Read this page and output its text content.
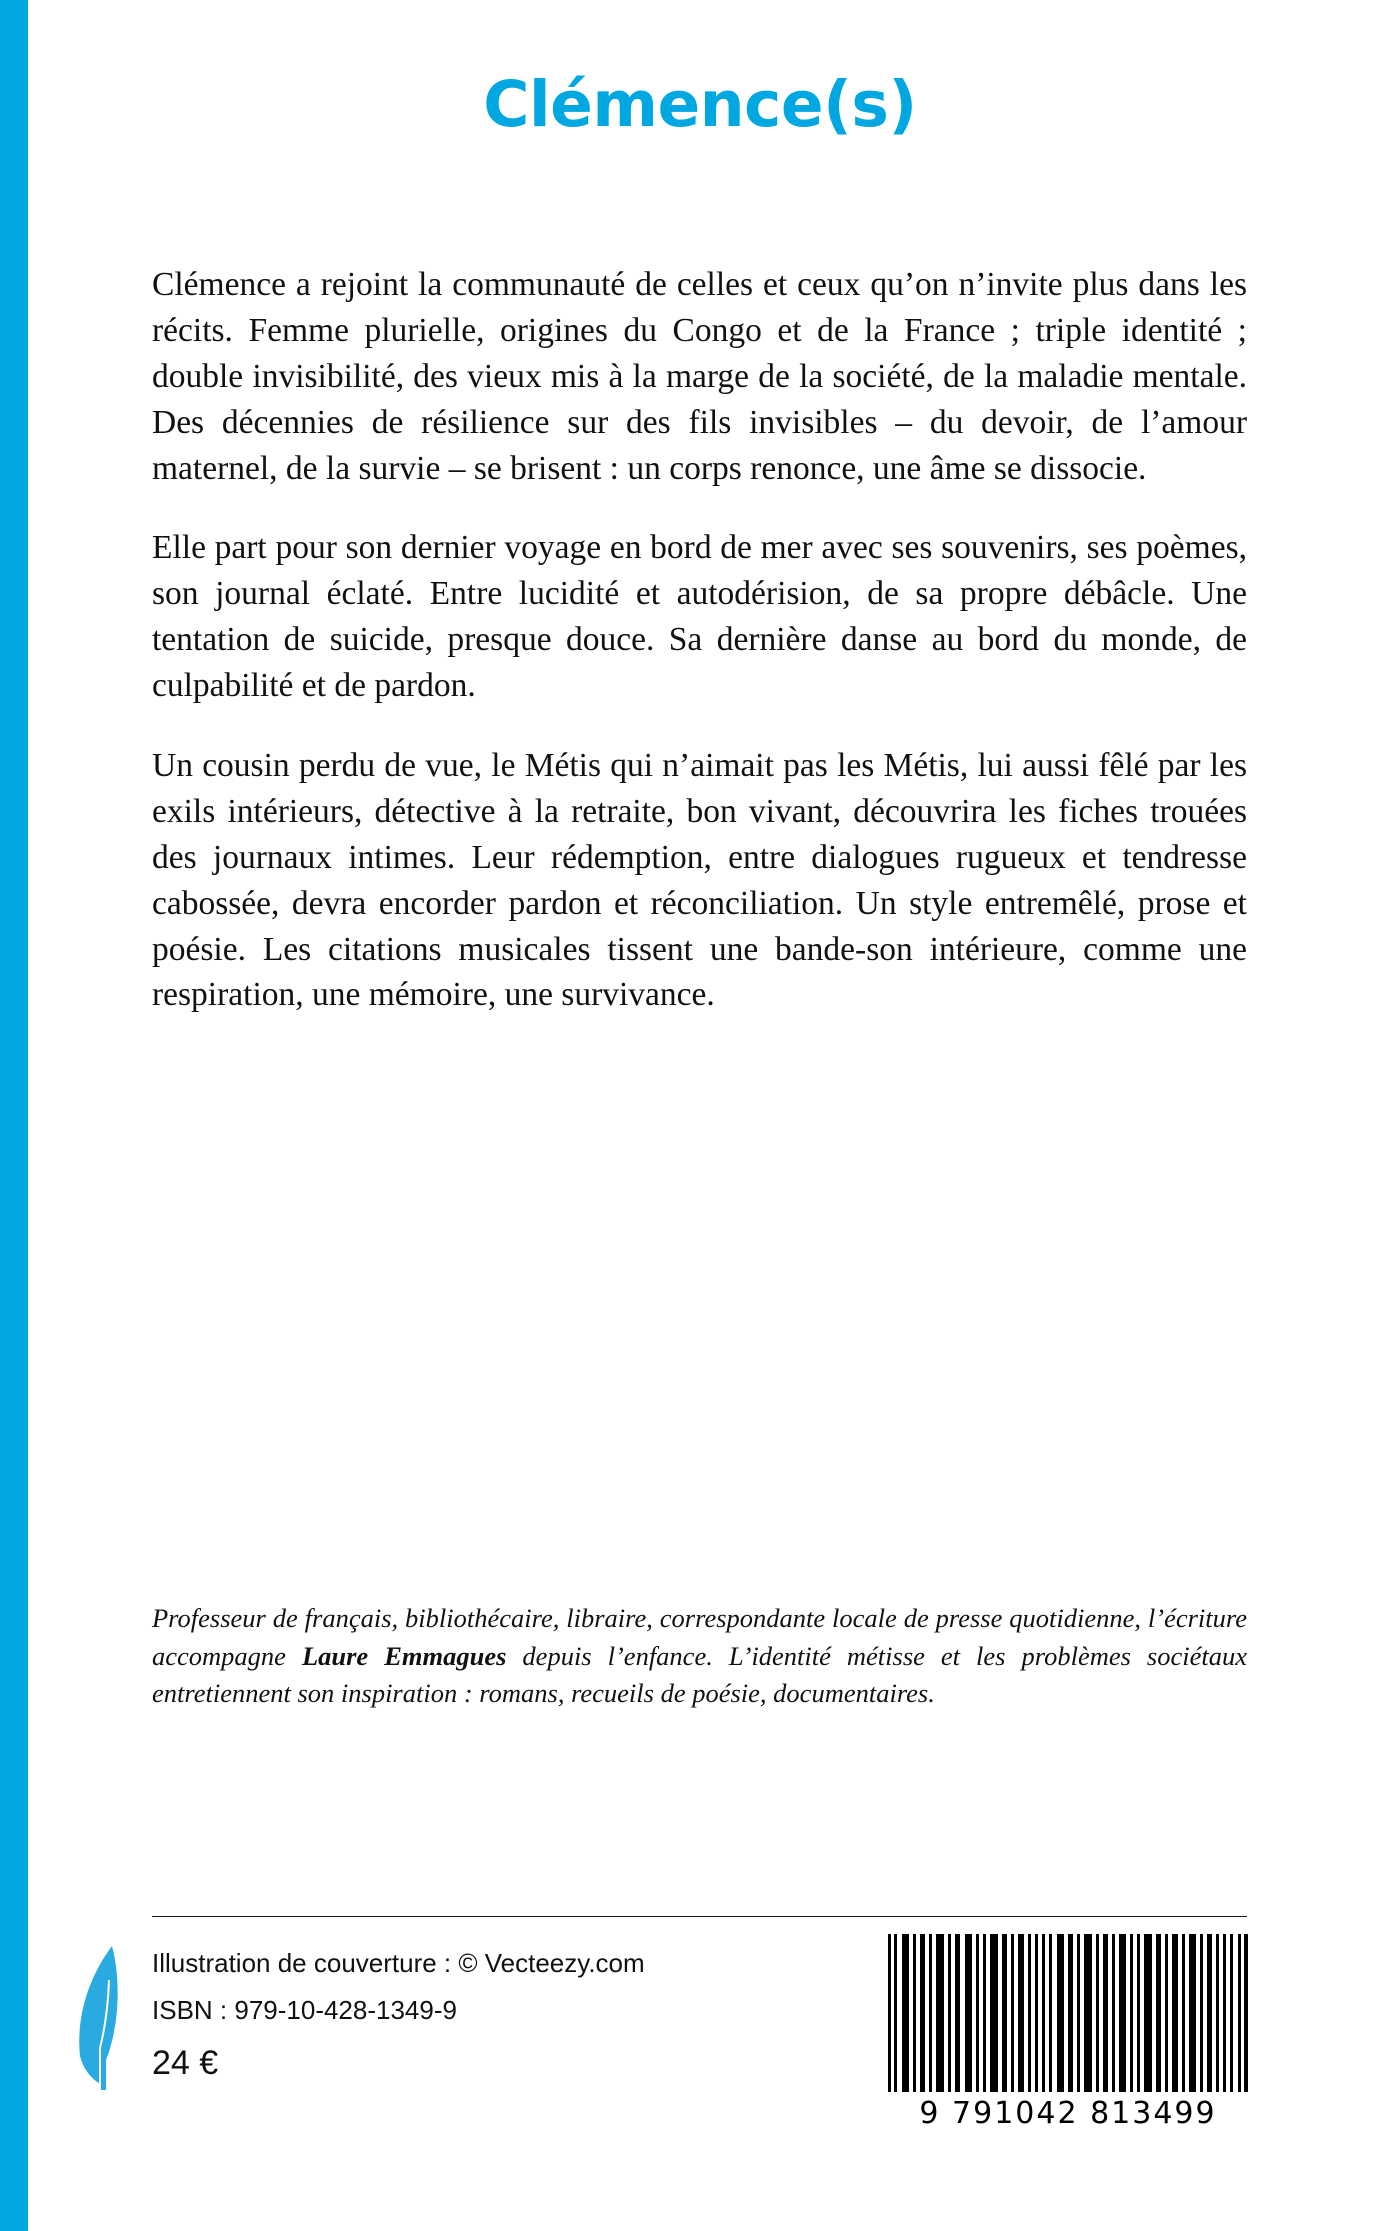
Clémence(s)

Clémence a rejoint la communauté de celles et ceux qu’on n’invite plus dans les récits. Femme plurielle, origines du Congo et de la France ; triple identité ; double invisibilité, des vieux mis à la marge de la société, de la maladie mentale. Des décennies de résilience sur des fils invisibles – du devoir, de l’amour maternel, de la survie – se brisent : un corps renonce, une âme se dissocie.

Elle part pour son dernier voyage en bord de mer avec ses souvenirs, ses poèmes, son journal éclaté. Entre lucidité et autodérision, de sa propre débâcle. Une tentation de suicide, presque douce. Sa dernière danse au bord du monde, de culpabilité et de pardon.

Un cousin perdu de vue, le Métis qui n’aimait pas les Métis, lui aussi fêlé par les exils intérieurs, détective à la retraite, bon vivant, découvrira les fiches trouées des journaux intimes. Leur rédemption, entre dialogues rugueux et tendresse cabossée, devra encorder pardon et réconciliation. Un style entremêlé, prose et poésie. Les citations musicales tissent une bande-son intérieure, comme une respiration, une mémoire, une survivance.

Professeur de français, bibliothécaire, libraire, correspondante locale de presse quotidienne, l’écriture accompagne Laure Emmagues depuis l’enfance. L’identité métisse et les problèmes sociétaux entretiennent son inspiration : romans, recueils de poésie, documentaires.
Illustration de couverture : © Vecteezy.com
ISBN : 979-10-428-1349-9
24 €
9 791042 813499
